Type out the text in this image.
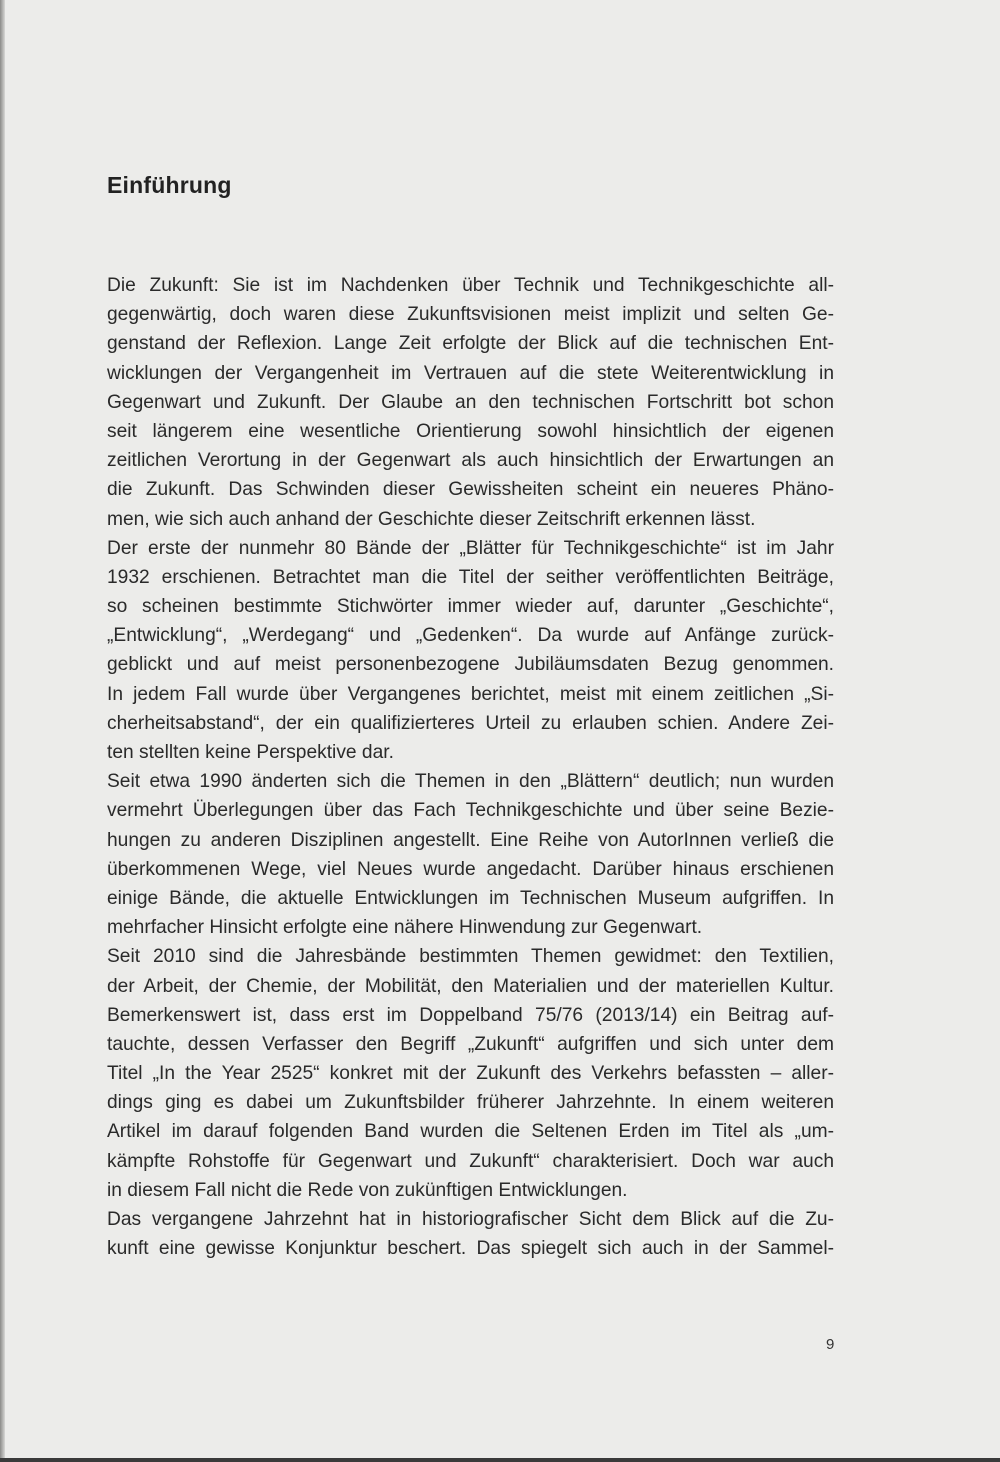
Einführung
Die Zukunft: Sie ist im Nachdenken über Technik und Technikgeschichte all-
gegenwärtig, doch waren diese Zukunftsvisionen meist implizit und selten Ge-
genstand der Reflexion. Lange Zeit erfolgte der Blick auf die technischen Ent-
wicklungen der Vergangenheit im Vertrauen auf die stete Weiterentwicklung in
Gegenwart und Zukunft. Der Glaube an den technischen Fortschritt bot schon
seit längerem eine wesentliche Orientierung sowohl hinsichtlich der eigenen
zeitlichen Verortung in der Gegenwart als auch hinsichtlich der Erwartungen an
die Zukunft. Das Schwinden dieser Gewissheiten scheint ein neueres Phäno-
men, wie sich auch anhand der Geschichte dieser Zeitschrift erkennen lässt.
Der erste der nunmehr 80 Bände der „Blätter für Technikgeschichte“ ist im Jahr
1932 erschienen. Betrachtet man die Titel der seither veröffentlichten Beiträge,
so scheinen bestimmte Stichwörter immer wieder auf, darunter „Geschichte“,
„Entwicklung“, „Werdegang“ und „Gedenken“. Da wurde auf Anfänge zurück-
geblickt und auf meist personenbezogene Jubiläumsdaten Bezug genommen.
In jedem Fall wurde über Vergangenes berichtet, meist mit einem zeitlichen „Si-
cherheitsabstand“, der ein qualifizierteres Urteil zu erlauben schien. Andere Zei-
ten stellten keine Perspektive dar.
Seit etwa 1990 änderten sich die Themen in den „Blättern“ deutlich; nun wurden
vermehrt Überlegungen über das Fach Technikgeschichte und über seine Bezie-
hungen zu anderen Disziplinen angestellt. Eine Reihe von AutorInnen verließ die
überkommenen Wege, viel Neues wurde angedacht. Darüber hinaus erschienen
einige Bände, die aktuelle Entwicklungen im Technischen Museum aufgriffen. In
mehrfacher Hinsicht erfolgte eine nähere Hinwendung zur Gegenwart.
Seit 2010 sind die Jahresbände bestimmten Themen gewidmet: den Textilien,
der Arbeit, der Chemie, der Mobilität, den Materialien und der materiellen Kultur.
Bemerkenswert ist, dass erst im Doppelband 75/76 (2013/14) ein Beitrag auf-
tauchte, dessen Verfasser den Begriff „Zukunft“ aufgriffen und sich unter dem
Titel „In the Year 2525“ konkret mit der Zukunft des Verkehrs befassten – aller-
dings ging es dabei um Zukunftsbilder früherer Jahrzehnte. In einem weiteren
Artikel im darauf folgenden Band wurden die Seltenen Erden im Titel als „um-
kämpfte Rohstoffe für Gegenwart und Zukunft“ charakterisiert. Doch war auch
in diesem Fall nicht die Rede von zukünftigen Entwicklungen.
Das vergangene Jahrzehnt hat in historiografischer Sicht dem Blick auf die Zu-
kunft eine gewisse Konjunktur beschert. Das spiegelt sich auch in der Sammel-
9
